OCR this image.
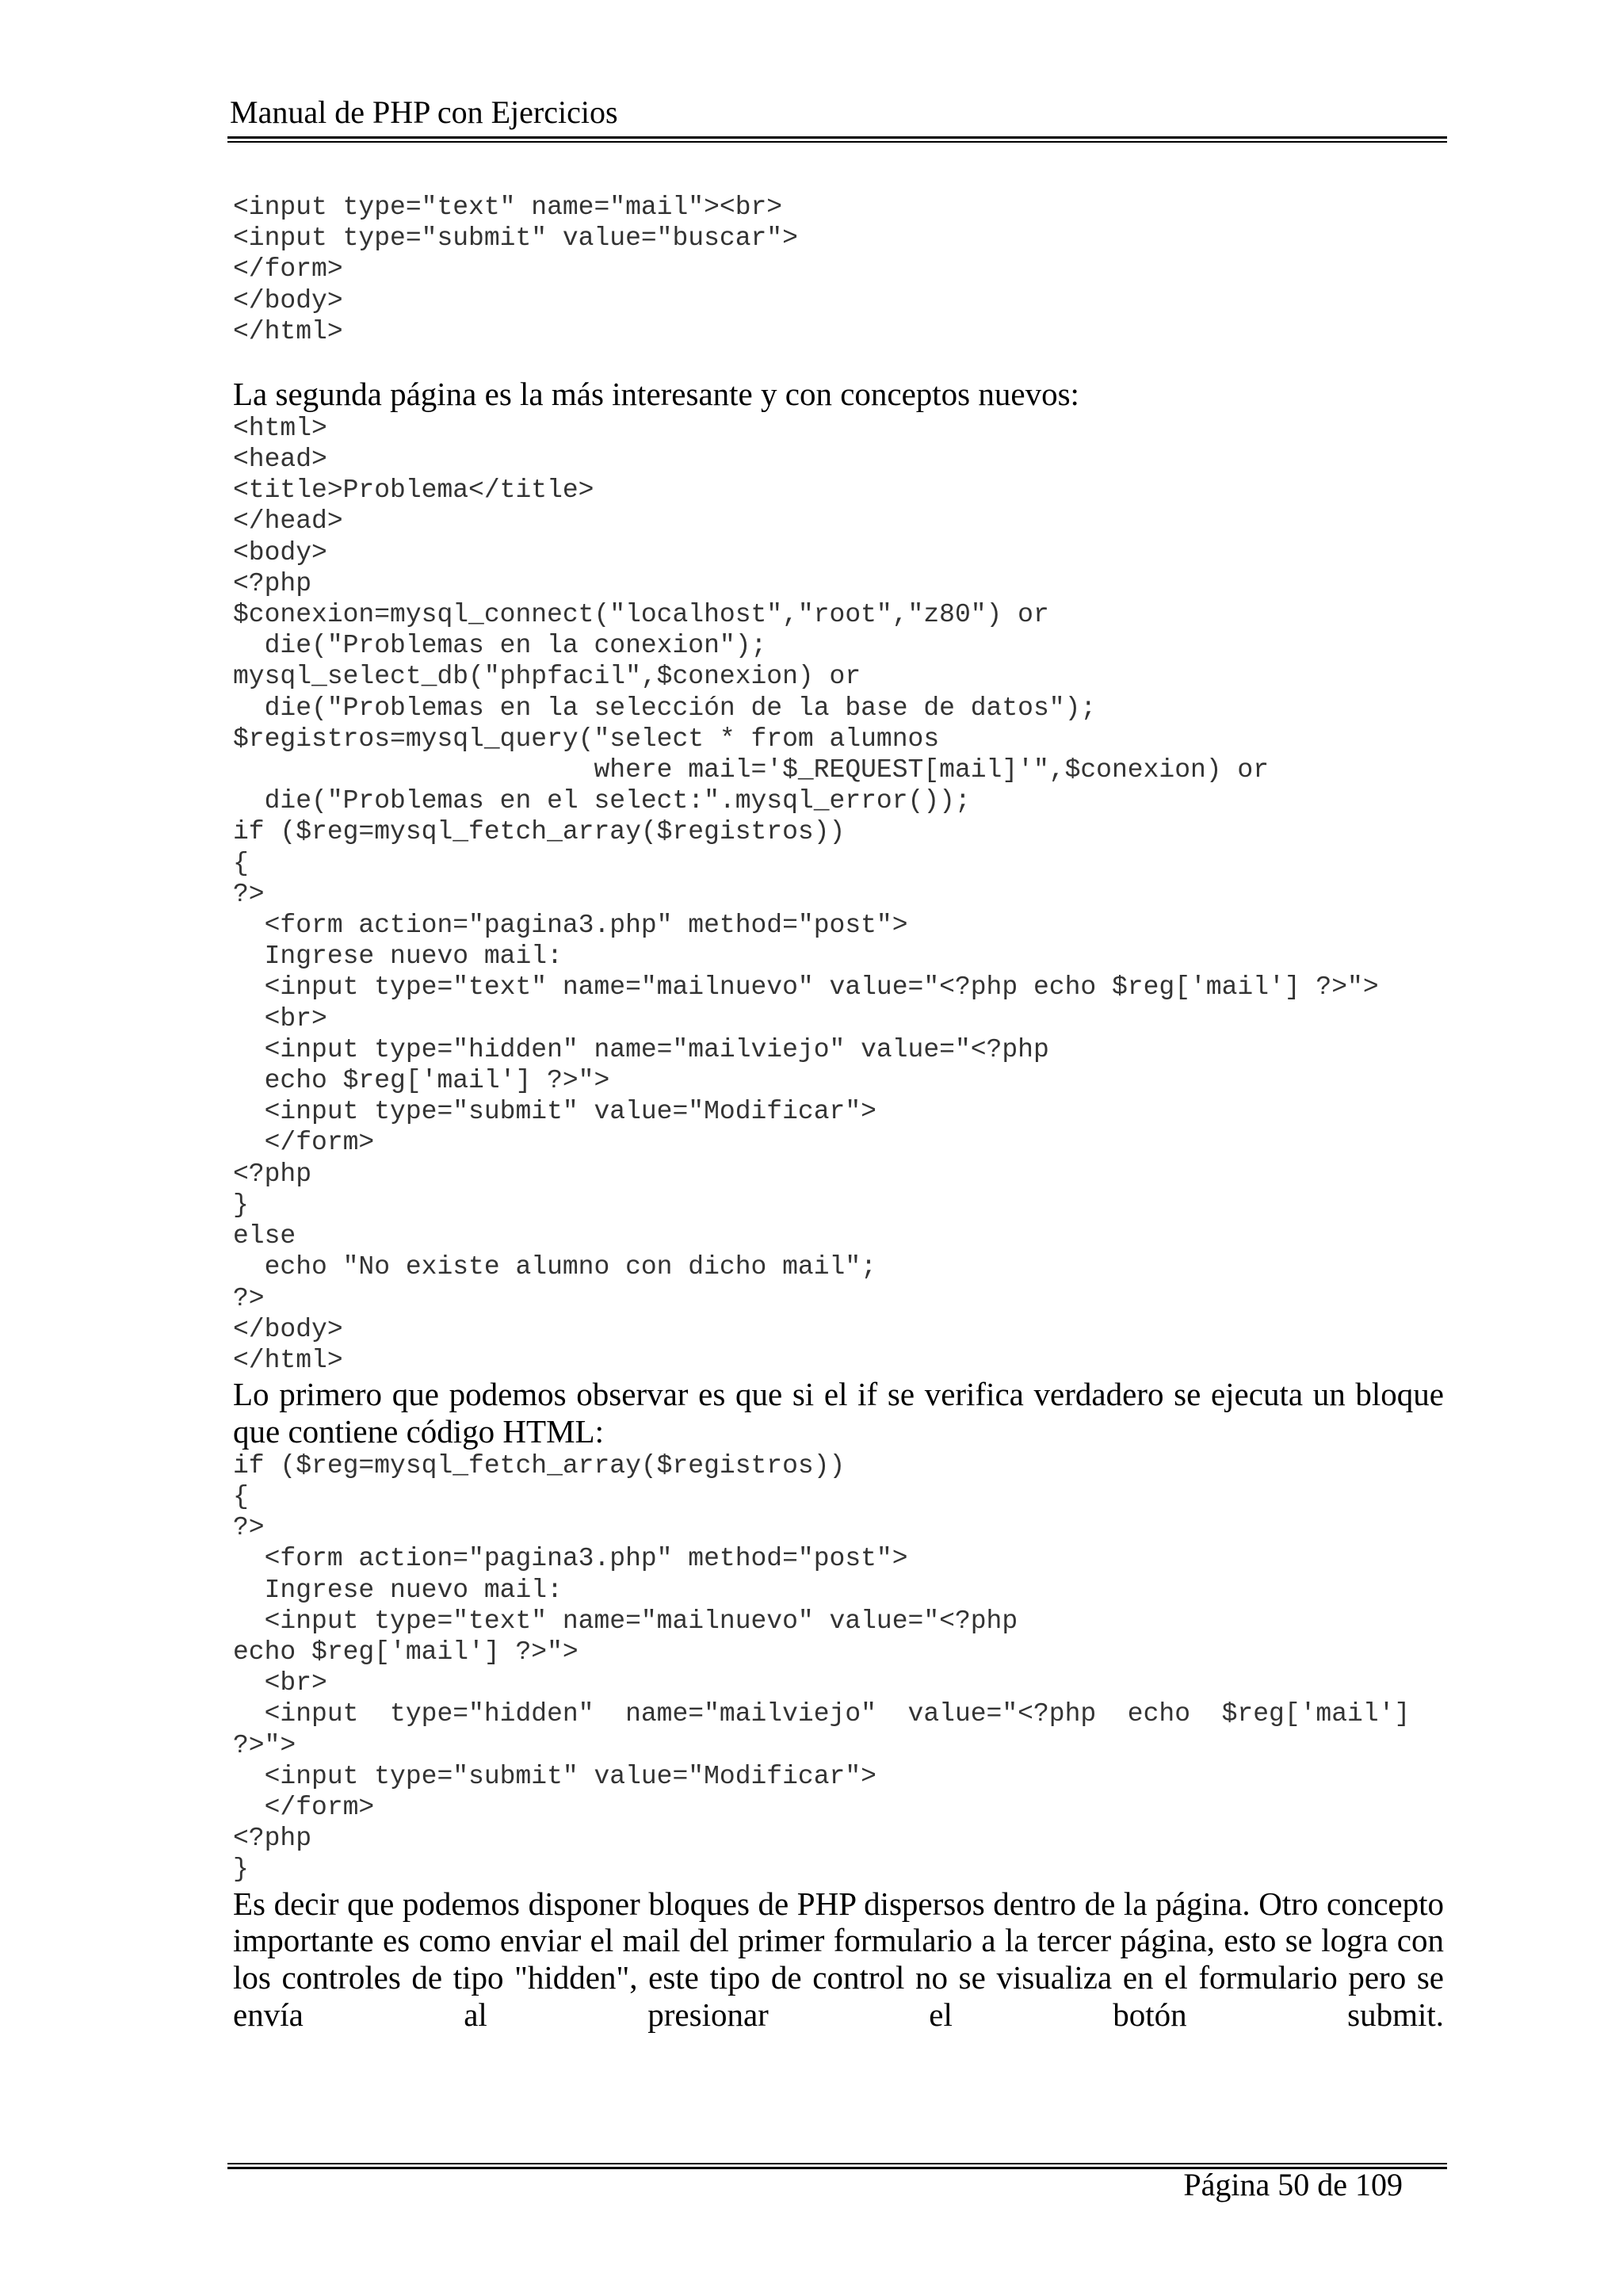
Manual de PHP con Ejercicios
<input type="text" name="mail"><br>
<input type="submit" value="buscar">
</form>
</body>
</html>

La segunda página es la más interesante y con conceptos nuevos:

<html>
<head>
<title>Problema</title>
</head>
<body>
<?php
$conexion=mysql_connect("localhost","root","z80") or
die("Problemas en la conexion");
mysql_select_db("phpfacil",$conexion) or
die("Problemas en la selección de la base de datos");
$registros=mysql_query("select * from alumnos
where mail='$_REQUEST[mail]'",$conexion) or
die("Problemas en el select:".mysql_error());
if ($reg=mysql_fetch_array($registros))
{
?>
<form action="pagina3.php" method="post">
Ingrese nuevo mail:
<input type="text" name="mailnuevo" value="<?php echo $reg['mail'] ?>">
<br>
<input type="hidden" name="mailviejo" value="<?php
echo $reg['mail'] ?>">
<input type="submit" value="Modificar">
</form>
<?php
}
else
echo "No existe alumno con dicho mail";
?>
</body>
</html>

Lo primero que podemos observar es que si el if se verifica verdadero se ejecuta un bloque que contiene código HTML:

if ($reg=mysql_fetch_array($registros))
{
?>
<form action="pagina3.php" method="post">
Ingrese nuevo mail:
<input type="text" name="mailnuevo" value="<?php
echo $reg['mail'] ?>">
<br>
<input  type="hidden"  name="mailviejo"  value="<?php  echo  $reg['mail']
?>">
<input type="submit" value="Modificar">
</form>
<?php
}

Es decir que podemos disponer bloques de PHP dispersos dentro de la página. Otro concepto importante es como enviar el mail del primer formulario a la tercer página, esto se logra con los controles de tipo "hidden", este tipo de control no se visualiza en el formulario pero se envía al presionar el botón submit.

Página 50 de 109
